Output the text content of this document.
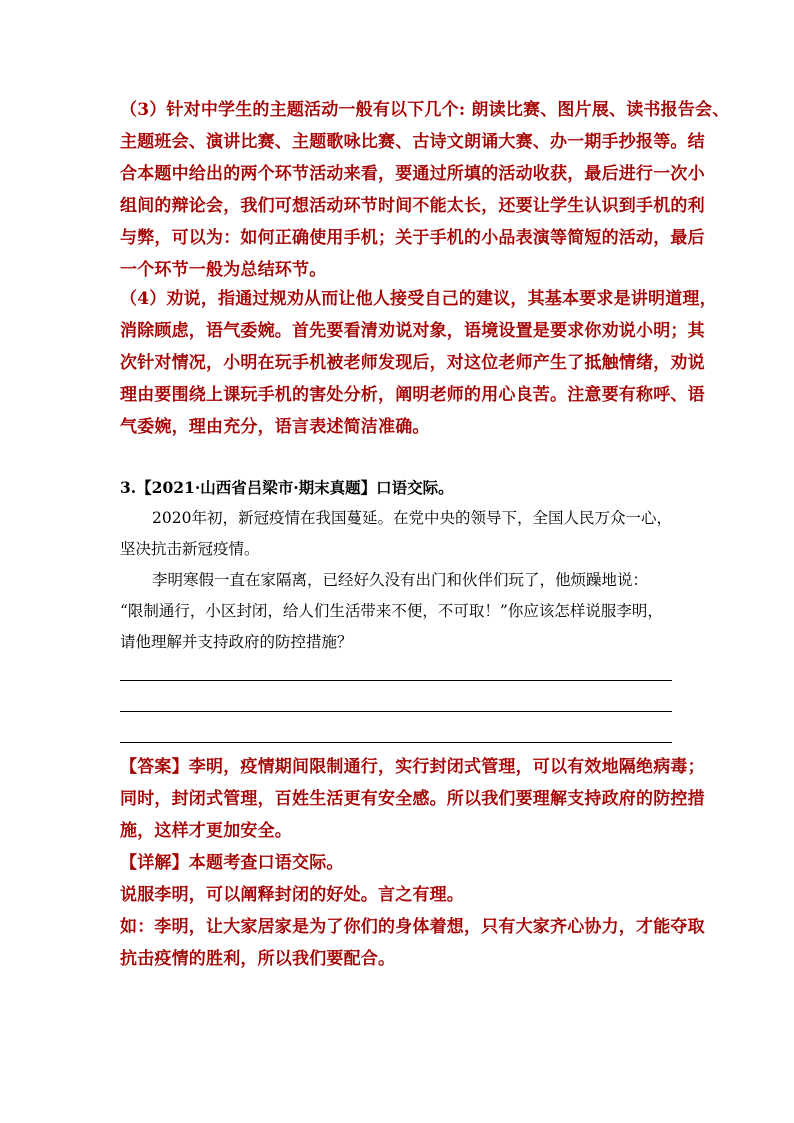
（3）针对中学生的主题活动一般有以下几个: 朗读比赛、图片展、读书报告会、
主题班会、演讲比赛、主题歌咏比赛、古诗文朗诵大赛、办一期手抄报等。结
合本题中给出的两个环节活动来看，要通过所填的活动收获，最后进行一次小
组间的辩论会，我们可想活动环节时间不能太长，还要让学生认识到手机的利
与弊，可以为：如何正确使用手机；关于手机的小品表演等简短的活动，最后
一个环节一般为总结环节。
（4）劝说，指通过规劝从而让他人接受自己的建议，其基本要求是讲明道理，
消除顾虑，语气委婉。首先要看清劝说对象，语境设置是要求你劝说小明；其
次针对情况，小明在玩手机被老师发现后，对这位老师产生了抵触情绪，劝说
理由要围绕上课玩手机的害处分析，阐明老师的用心良苦。注意要有称呼、语
气委婉，理由充分，语言表述简洁准确。
3.【2021·山西省吕梁市·期末真题】口语交际。
2020年初，新冠疫情在我国蔓延。在党中央的领导下，全国人民万众一心，
坚决抗击新冠疫情。
李明寒假一直在家隔离，已经好久没有出门和伙伴们玩了，他烦躁地说：
“限制通行，小区封闭，给人们生活带来不便，不可取！”你应该怎样说服李明，
请他理解并支持政府的防控措施？
【答案】李明，疫情期间限制通行，实行封闭式管理，可以有效地隔绝病毒；
同时，封闭式管理，百姓生活更有安全感。所以我们要理解支持政府的防控措
施，这样才更加安全。
【详解】本题考查口语交际。
说服李明，可以阐释封闭的好处。言之有理。
如：李明，让大家居家是为了你们的身体着想，只有大家齐心协力，才能夺取
抗击疫情的胜利，所以我们要配合。
